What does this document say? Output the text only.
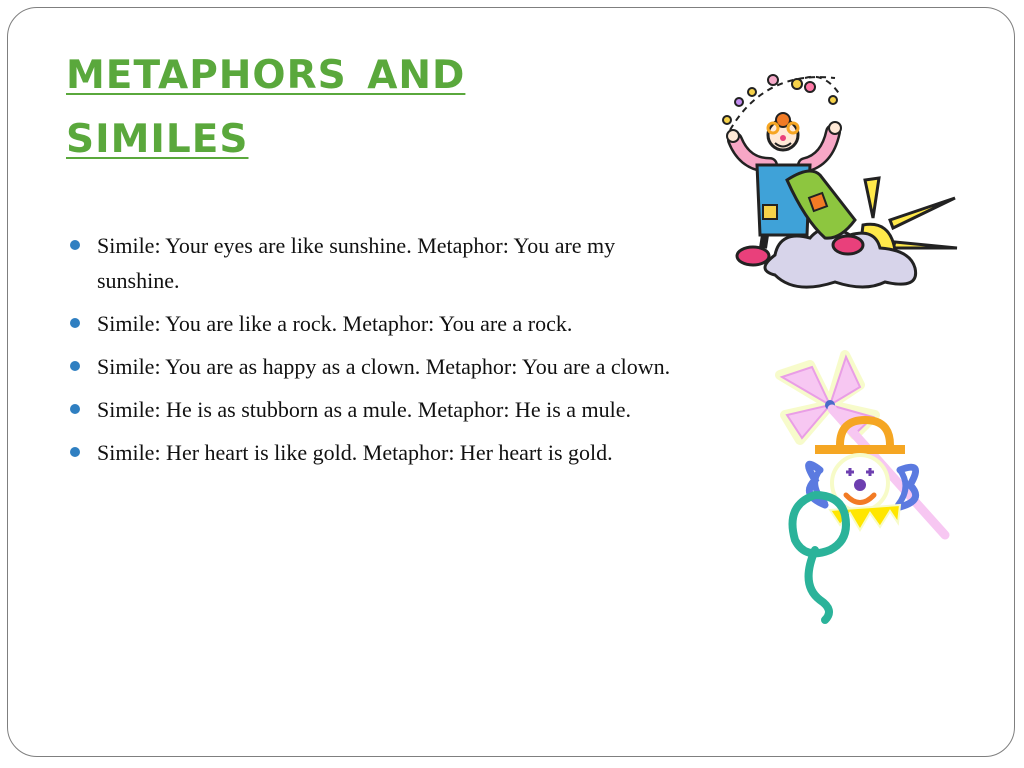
metaphors and similes
Simile: Your eyes are like sunshine. Metaphor: You are my sunshine.
Simile: You are like a rock. Metaphor: You are a rock.
Simile: You are as happy as a clown. Metaphor: You are a clown.
Simile: He is as stubborn as a mule. Metaphor: He is a mule.
Simile: Her heart is like gold. Metaphor: Her heart is gold.
